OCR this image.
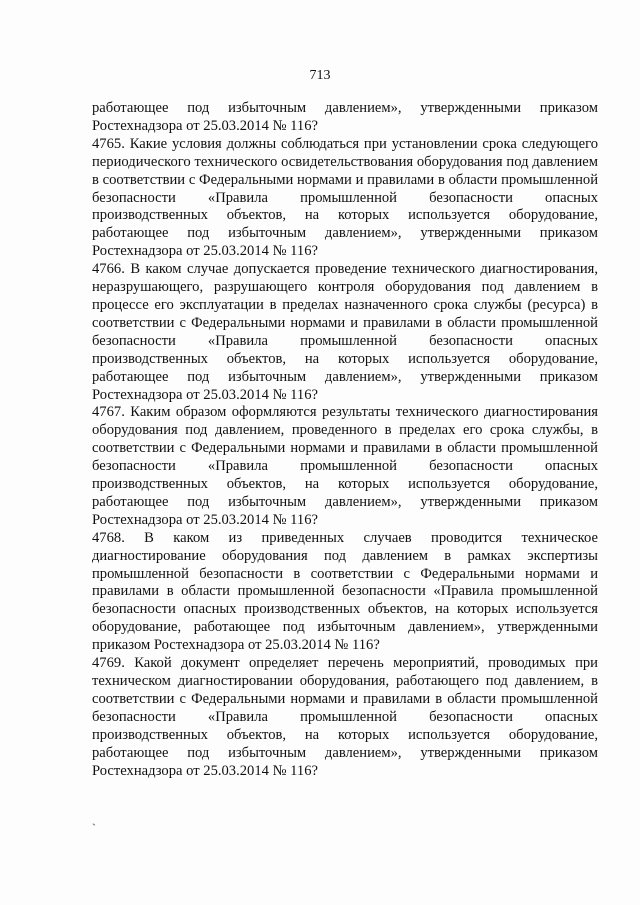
713

работающее под избыточным давлением», утвержденными приказом Ростехнадзора от 25.03.2014 № 116?

4765. Какие условия должны соблюдаться при установлении срока следующего периодического технического освидетельствования оборудования под давлением в соответствии с Федеральными нормами и правилами в области промышленной безопасности «Правила промышленной безопасности опасных производственных объектов, на которых используется оборудование, работающее под избыточным давлением», утвержденными приказом Ростехнадзора от 25.03.2014 № 116?

4766. В каком случае допускается проведение технического диагностирования, неразрушающего, разрушающего контроля оборудования под давлением в процессе его эксплуатации в пределах назначенного срока службы (ресурса) в соответствии с Федеральными нормами и правилами в области промышленной безопасности «Правила промышленной безопасности опасных производственных объектов, на которых используется оборудование, работающее под избыточным давлением», утвержденными приказом Ростехнадзора от 25.03.2014 № 116?

4767. Каким образом оформляются результаты технического диагностирования оборудования под давлением, проведенного в пределах его срока службы, в соответствии с Федеральными нормами и правилами в области промышленной безопасности «Правила промышленной безопасности опасных производственных объектов, на которых используется оборудование, работающее под избыточным давлением», утвержденными приказом Ростехнадзора от 25.03.2014 № 116?

4768. В каком из приведенных случаев проводится техническое диагностирование оборудования под давлением в рамках экспертизы промышленной безопасности в соответствии с Федеральными нормами и правилами в области промышленной безопасности «Правила промышленной безопасности опасных производственных объектов, на которых используется оборудование, работающее под избыточным давлением», утвержденными приказом Ростехнадзора от 25.03.2014 № 116?

4769. Какой документ определяет перечень мероприятий, проводимых при техническом диагностировании оборудования, работающего под давлением, в соответствии с Федеральными нормами и правилами в области промышленной безопасности «Правила промышленной безопасности опасных производственных объектов, на которых используется оборудование, работающее под избыточным давлением», утвержденными приказом Ростехнадзора от 25.03.2014 № 116?

ˎ
